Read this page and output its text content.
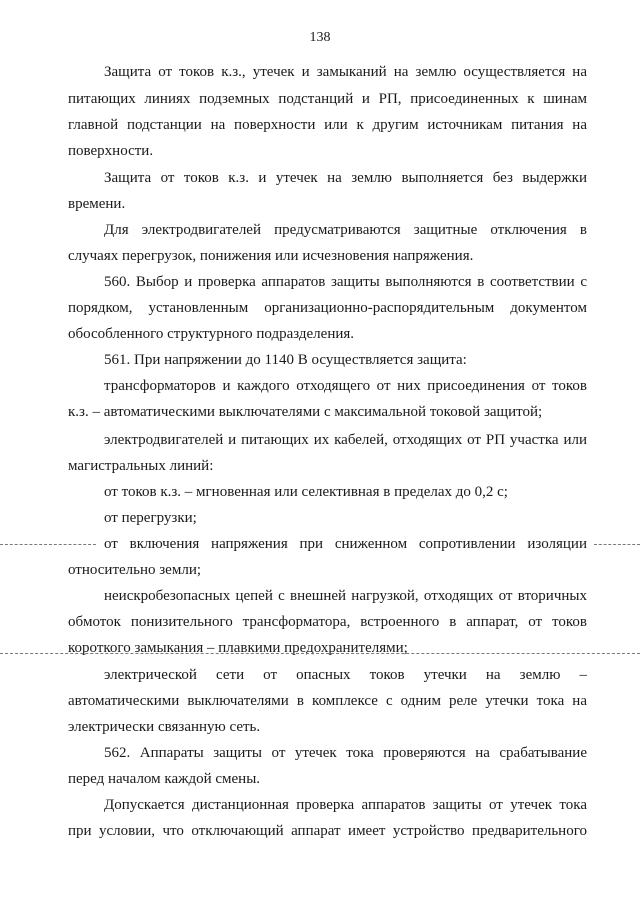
138
Защита от токов к.з., утечек и замыканий на землю осуществляется на
питающих линиях подземных подстанций и РП, присоединенных к шинам
главной подстанции на поверхности или к другим источникам питания на
поверхности.
Защита от токов к.з. и утечек на землю выполняется без выдержки
времени.
Для электродвигателей предусматриваются защитные отключения в
случаях перегрузок, понижения или исчезновения напряжения.
560. Выбор и проверка аппаратов защиты выполняются в соответствии с
порядком, установленным организационно-распорядительным документом
обособленного структурного подразделения.
561. При напряжении до 1140 В осуществляется защита:
трансформаторов и каждого отходящего от них присоединения от токов
к.з. – автоматическими выключателями с максимальной токовой защитой;
электродвигателей и питающих их кабелей, отходящих от РП участка или
магистральных линий:
от токов к.з. – мгновенная или селективная в пределах до 0,2 с;
от перегрузки;
от включения напряжения при сниженном сопротивлении изоляции
относительно земли;
неискробезопасных цепей с внешней нагрузкой, отходящих от вторичных
обмоток понизительного трансформатора, встроенного в аппарат, от токов
короткого замыкания – плавкими предохранителями;
электрической сети от опасных токов утечки на землю –
автоматическими выключателями в комплексе с одним реле утечки тока на
электрически связанную сеть.
562. Аппараты защиты от утечек тока проверяются на срабатывание
перед началом каждой смены.
Допускается дистанционная проверка аппаратов защиты от утечек тока
при условии, что отключающий аппарат имеет устройство предварительного
